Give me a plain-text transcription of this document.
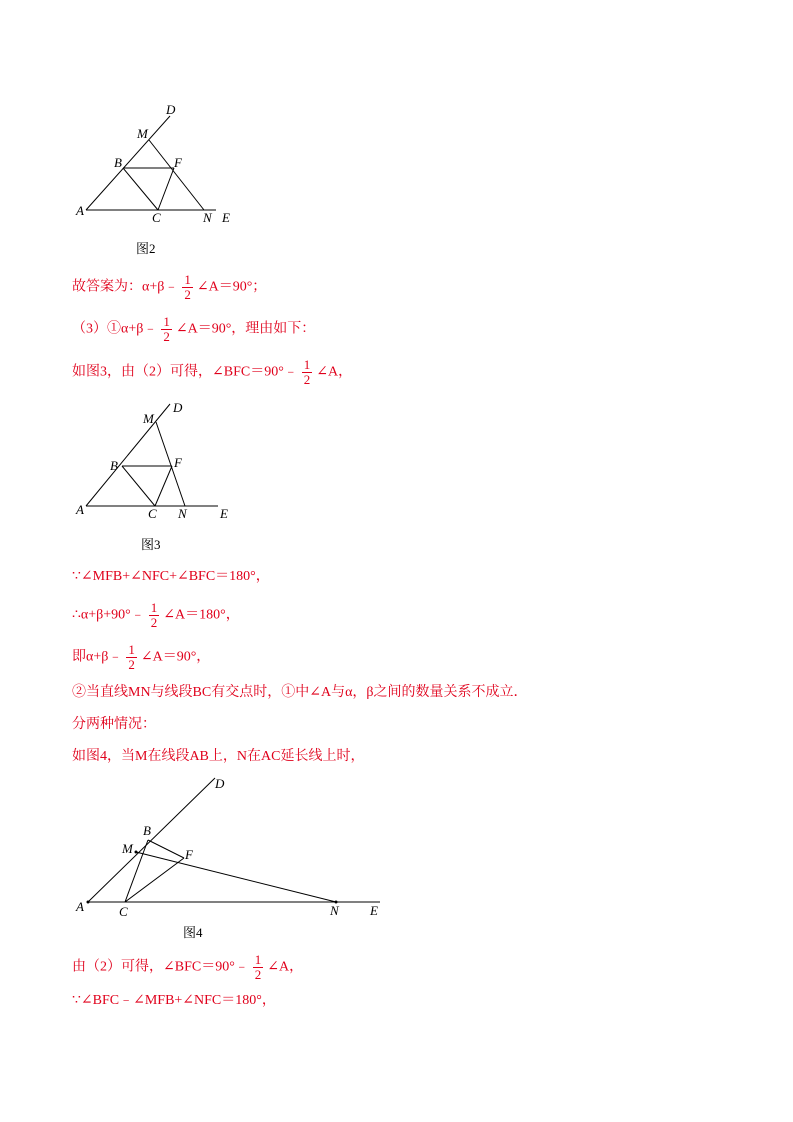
D
M
B	F
A	C	N E
图2
故答案为：α+β﹣ $\frac{1}{2}$ ∠A＝90°；
（3）①α+β﹣ $\frac{1}{2}$ ∠A＝90°，理由如下：
如图3，由（2）可得，∠BFC＝90°﹣ $\frac{1}{2}$ ∠A，
D
M
B	F
A	C N	E
图3
∵∠MFB+∠NFC+∠BFC＝180°，
∴α+β+90°﹣ $\frac{1}{2}$ ∠A＝180°，
即α+β﹣ $\frac{1}{2}$ ∠A＝90°，
②当直线MN与线段BC有交点时，①中∠A与α，β之间的数量关系不成立．
分两种情况：
如图4，当M在线段AB上，N在AC延长线上时，
D
B
M	F
A	C	N E
图4
由（2）可得，∠BFC＝90°﹣ $\frac{1}{2}$ ∠A，
∵∠BFC﹣∠MFB+∠NFC＝180°，
